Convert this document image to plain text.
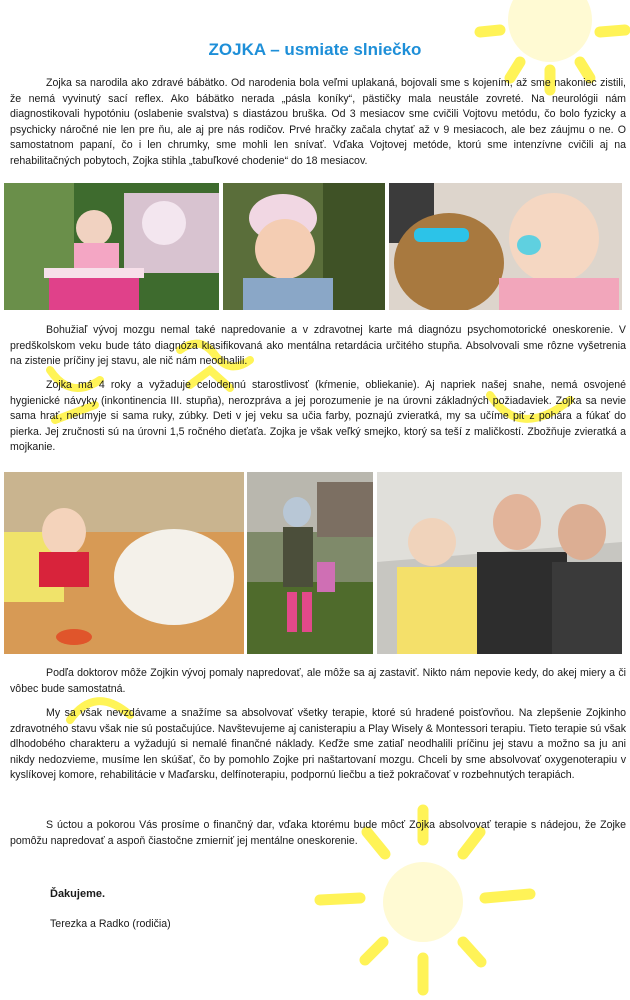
ZOJKA – usmiate slniečko

Zojka sa narodila ako zdravé bábätko. Od narodenia bola veľmi uplakaná, bojovali sme s kojením, až sme nakoniec zistili, že nemá vyvinutý sací reflex. Ako bábätko nerada „pásla koníky“, pästičky mala neustále zovreté. Na neurológii nám diagnostikovali hypotóniu (oslabenie svalstva) s diastázou bruška. Od 3 mesiacov sme cvičili Vojtovu metódu, čo bolo fyzicky a psychicky náročné nie len pre ňu, ale aj pre nás rodičov. Prvé hračky začala chytať až v 9 mesiacoch, ale bez záujmu o ne. O samostatnom papaní, čo i len chrumky, sme mohli len snívať. Vďaka Vojtovej metóde, ktorú sme intenzívne cvičili aj na rehabilitačných pobytoch, Zojka stihla „tabuľkové chodenie“ do 18 mesiacov.

Bohužiaľ vývoj mozgu nemal také napredovanie a v zdravotnej karte má diagnózu psychomotorické oneskorenie. V predškolskom veku bude táto diagnóza klasifikovaná ako mentálna retardácia určitého stupňa. Absolvovali sme rôzne vyšetrenia na zistenie príčiny jej stavu, ale nič nám neodhalili.

Zojka má 4 roky a vyžaduje celodennú starostlivosť (kŕmenie, obliekanie). Aj napriek našej snahe, nemá osvojené hygienické návyky (inkontinencia III. stupňa), nerozpráva a jej porozumenie je na úrovni základných požiadaviek. Zojka sa nevie sama hrať, neumyje si sama ruky, zúbky. Deti v jej veku sa učia farby, poznajú zvieratká, my sa učíme piť z pohára a fúkať do pierka. Jej zručnosti sú na úrovni 1,5 ročného dieťaťa. Zojka je však veľký smejko, ktorý sa teší z maličkostí. Zbožňuje zvieratká a mojkanie.

Podľa doktorov môže Zojkin vývoj pomaly napredovať, ale môže sa aj zastaviť. Nikto nám nepovie kedy, do akej miery a či vôbec bude samostatná.

My sa však nevzdávame a snažíme sa absolvovať všetky terapie, ktoré sú hradené poisťovňou. Na zlepšenie Zojkinho zdravotného stavu však nie sú postačujúce. Navštevujeme aj canisterapiu a Play Wisely & Montessori terapiu. Tieto terapie sú však dlhodobého charakteru a vyžadujú si nemalé finančné náklady. Keďže sme zatiaľ neodhalili príčinu jej stavu a možno sa ju ani nikdy nedozvieme, musíme len skúšať, čo by pomohlo Zojke pri naštartovaní mozgu. Chceli by sme absolvovať oxygenoterapiu v kyslíkovej komore, rehabilitácie v Maďarsku, delfínoterapiu, podpornú liečbu a tiež pokračovať v rozbehnutých terapiách.

S úctou a pokorou Vás prosíme o finančný dar, vďaka ktorému bude môcť Zojka absolvovať terapie s nádejou, že Zojke pomôžu napredovať a aspoň čiastočne zmierniť jej mentálne oneskorenie.

Ďakujeme.

Terezka a Radko (rodičia)
